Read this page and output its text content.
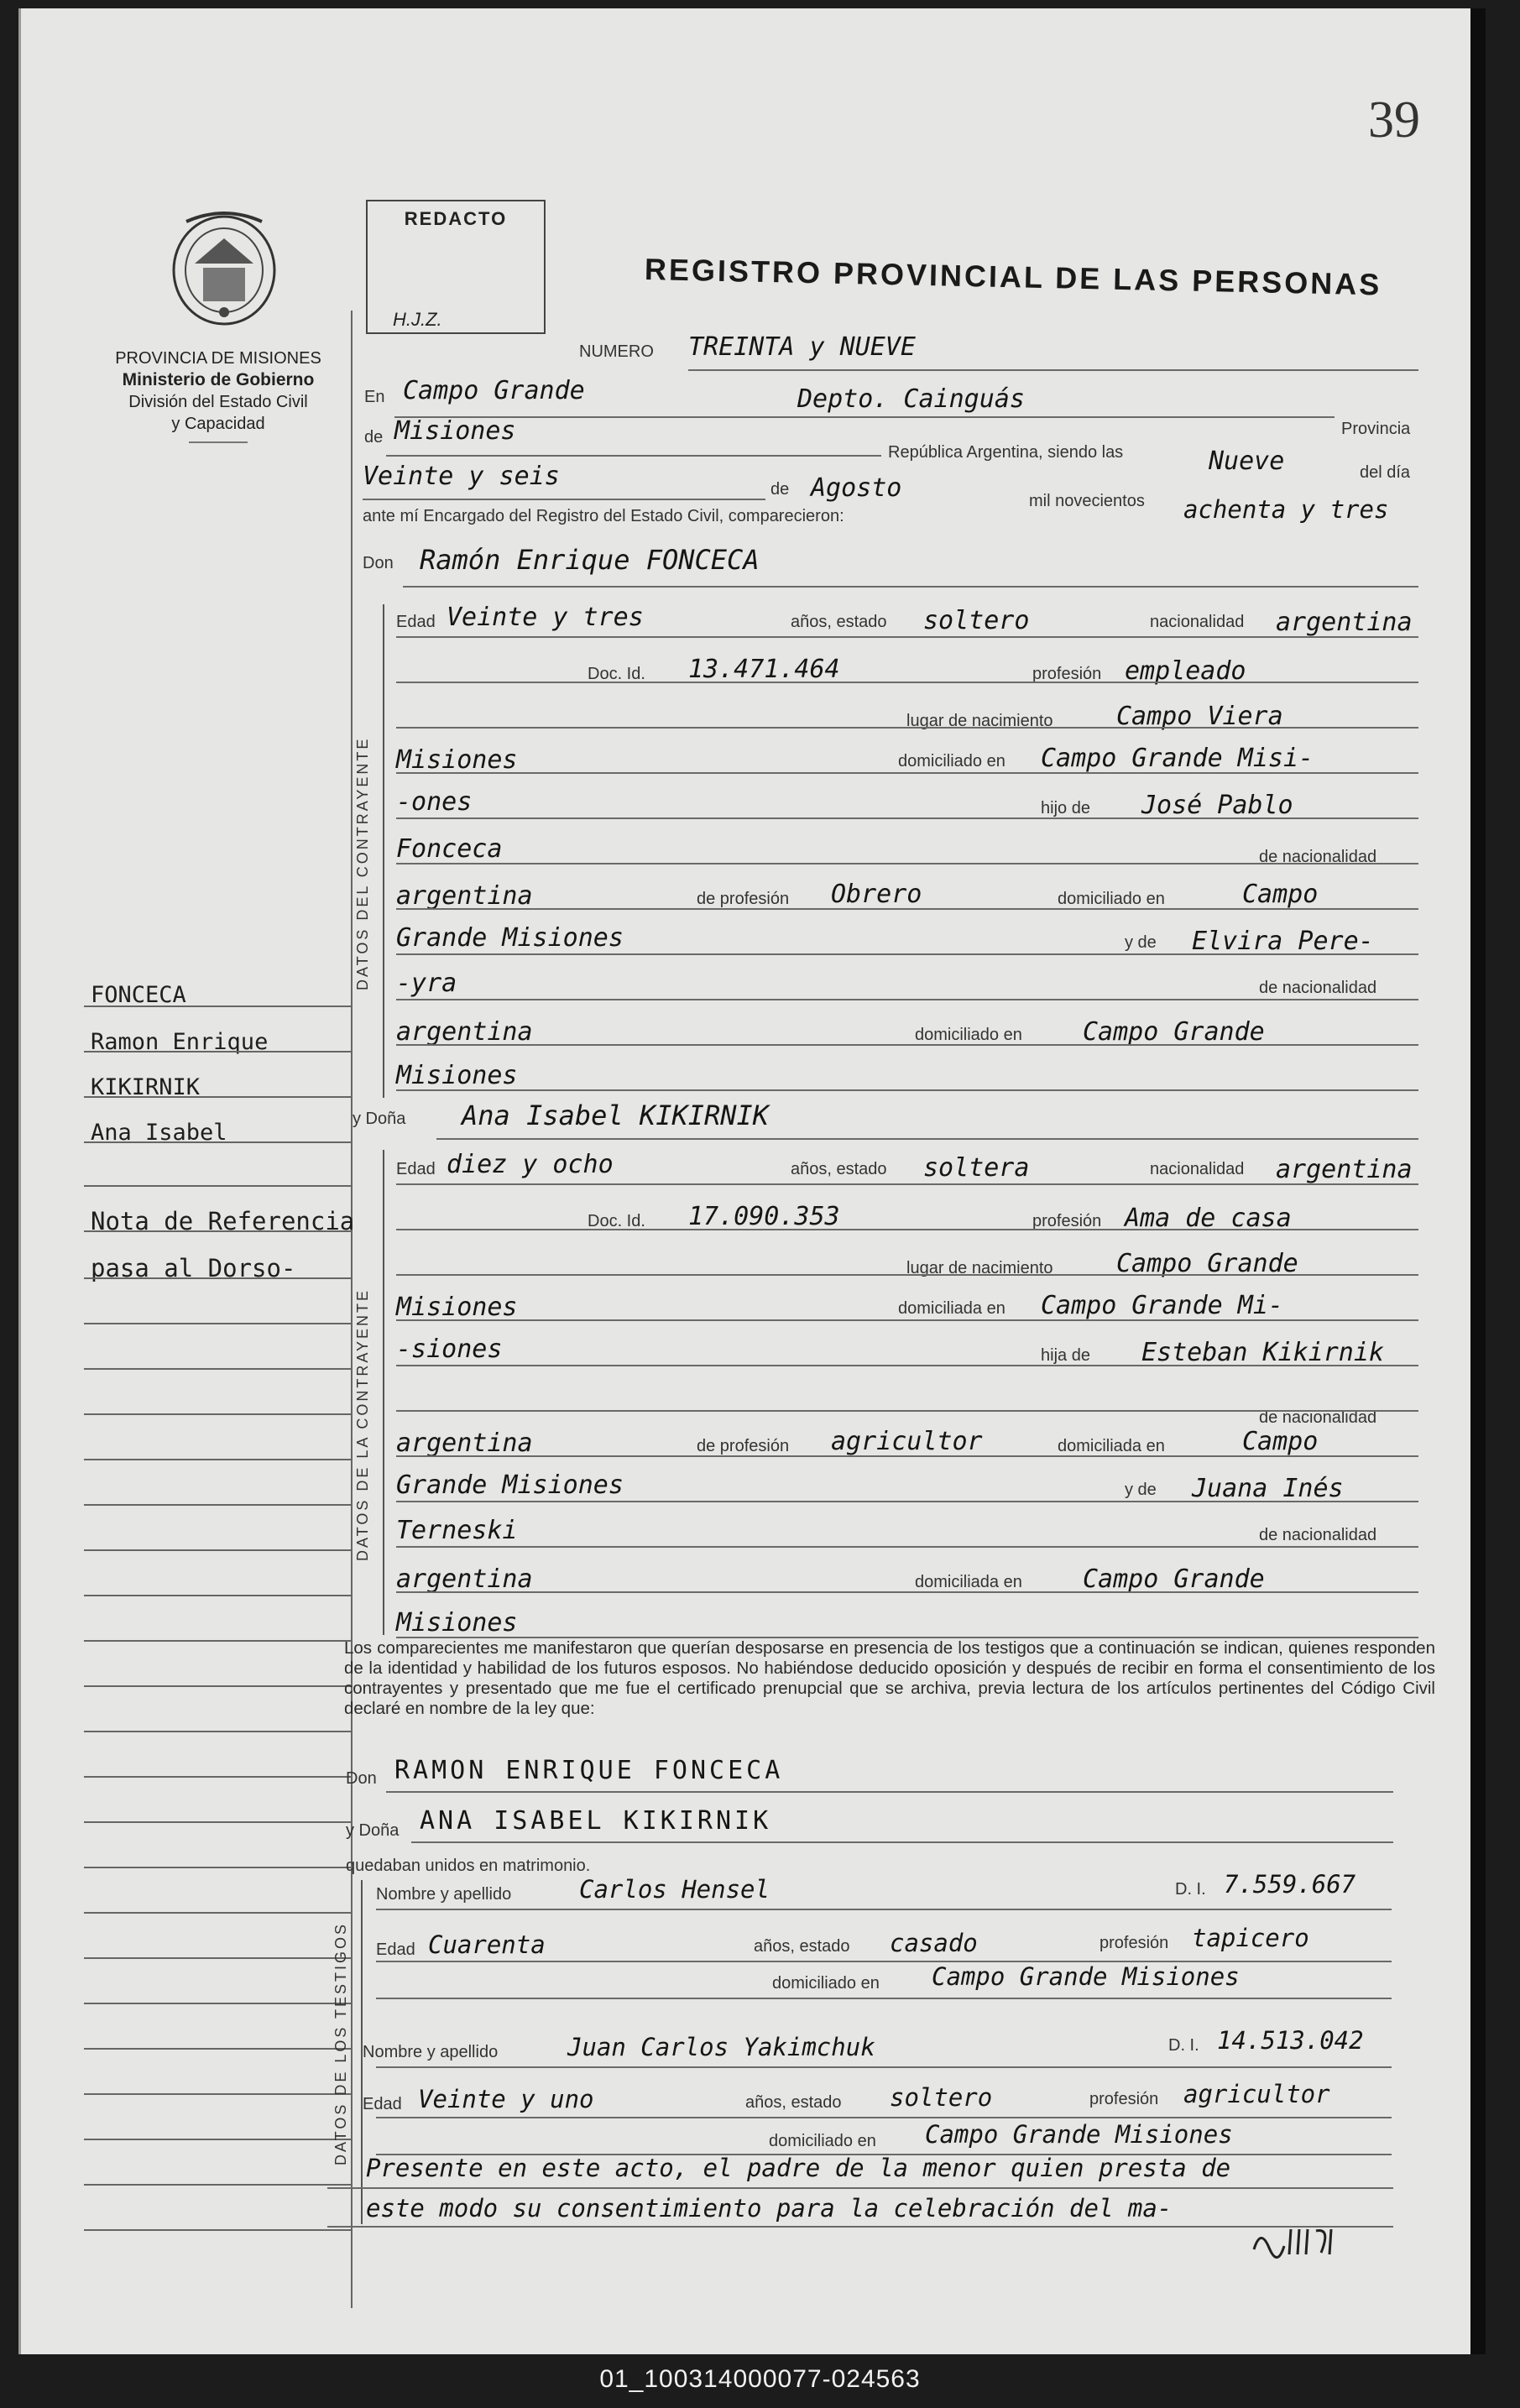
39
PROVINCIA DE MISIONES
Ministerio de Gobierno
División del Estado Civil
y Capacidad
REDACTO
H.J.Z.
REGISTRO PROVINCIAL DE LAS PERSONAS
FONCECA
Ramon Enrique
KIKIRNIK
Ana Isabel
Nota de Referencia
pasa al Dorso-
NUMERO TREINTA y NUEVE
En Campo Grande	Depto. Cainguás
Provincia
de Misiones
República Argentina, siendo las	Nueve	del día
Veinte y seis	de Agosto	mil novecientos achenta y tres
ante mí Encargado del Registro del Estado Civil, comparecieron:
Don Ramón Enrique FONCECA
DATOS DEL CONTRAYENTE
Edad Veinte y tres	años, estado soltero	nacionalidad argentina
Doc. Id. 13.471.464	profesión empleado
lugar de nacimiento	Campo Viera
Misiones	domiciliado en Campo Grande Misi-
-ones	hijo de José Pablo
Fonceca	de nacionalidad
argentina	de profesión Obrero	domiciliado en	Campo
Grande Misiones	y de Elvira Pere-
-yra	de nacionalidad
argentina	domiciliado en Campo Grande
Misiones
y Doña Ana Isabel KIKIRNIK
DATOS DE LA CONTRAYENTE
Edad diez y ocho	años, estado soltera	nacionalidad argentina
Doc. Id. 17.090.353	profesión Ama de casa
lugar de nacimiento	Campo Grande
Misiones	domiciliada en Campo Grande Mi-
-siones	hija de Esteban Kikirnik
de nacionalidad
argentina	de profesión agricultor	domiciliada en	Campo
Grande Misiones	y de Juana Inés
Terneski	de nacionalidad
argentina	domiciliada en Campo Grande
Misiones
Los comparecientes me manifestaron que querían desposarse en presencia de los testigos que a continuación se indican, quienes responden de la identidad y habilidad de los futuros esposos. No habiéndose deducido oposición y después de recibir en forma el consentimiento de los contrayentes y presentado que me fue el certificado prenupcial que se archiva, previa lectura de los artículos pertinentes del Código Civil declaré en nombre de la ley que:
Don RAMON ENRIQUE FONCECA
y Doña ANA ISABEL KIKIRNIK
quedaban unidos en matrimonio.
DATOS DE LOS TESTIGOS
Nombre y apellido	Carlos Hensel	D. I. 7.559.667
Edad Cuarenta	años, estado casado	profesión tapicero
domiciliado en Campo Grande Misiones
Nombre y apellido	Juan Carlos Yakimchuk	D. I. 14.513.042
Edad Veinte y uno	años, estado soltero	profesión agricultor
domiciliado en Campo Grande Misiones
Presente en este acto, el padre de la menor quien presta de
este modo su consentimiento para la celebración del ma-
01_100314000077-024563
